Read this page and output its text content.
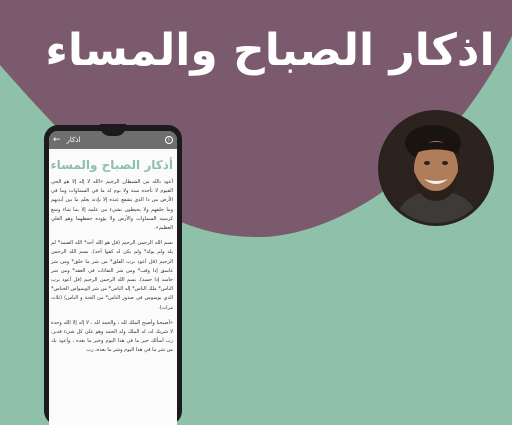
اذكار الصباح والمساء
← اذكار	i
أذكار الصباح والمساء

أعوذ بالله من الشيطان الرجيم «الله لا إله إلا هو الحي القيوم لا تأخذه سنة ولا نوم له ما في السماوات وما في الأرض من ذا الذي يشفع عنده إلا بإذنه يعلم ما بين أيديهم وما خلفهم ولا يحيطون بشيء من علمه إلا بما شاء وسع كرسيه السماوات والأرض ولا يؤوده حفظهما وهو العلي العظيم».

بسم الله الرحمن الرحيم (قل هو الله أحد* الله الصمد* لم يلد ولم يولد* ولم يكن له كفوا أحد). بسم الله الرحمن الرحيم (قل أعوذ برب الفلق* من شر ما خلق* ومن شر غاسق إذا وقب* ومن شر النفاثات في العقد* ومن شر حاسد إذا حسد). بسم الله الرحمن الرحيم (قل أعوذ برب الناس* ملك الناس* إله الناس* من شر الوسواس الخناس* الذي يوسوس في صدور الناس* من الجنة و الناس) (ثلاث مرات).

«أصبحنا وأصبح الملك لله ، والحمد لله ، لا إله إلا الله وحده لا شريك له، له الملك وله الحمد وهو على كل شيء قدير، رب أسألك خير ما في هذا اليوم وخير ما بعده ، وأعوذ بك من شر ما في هذا اليوم وشر ما بعده، رب
